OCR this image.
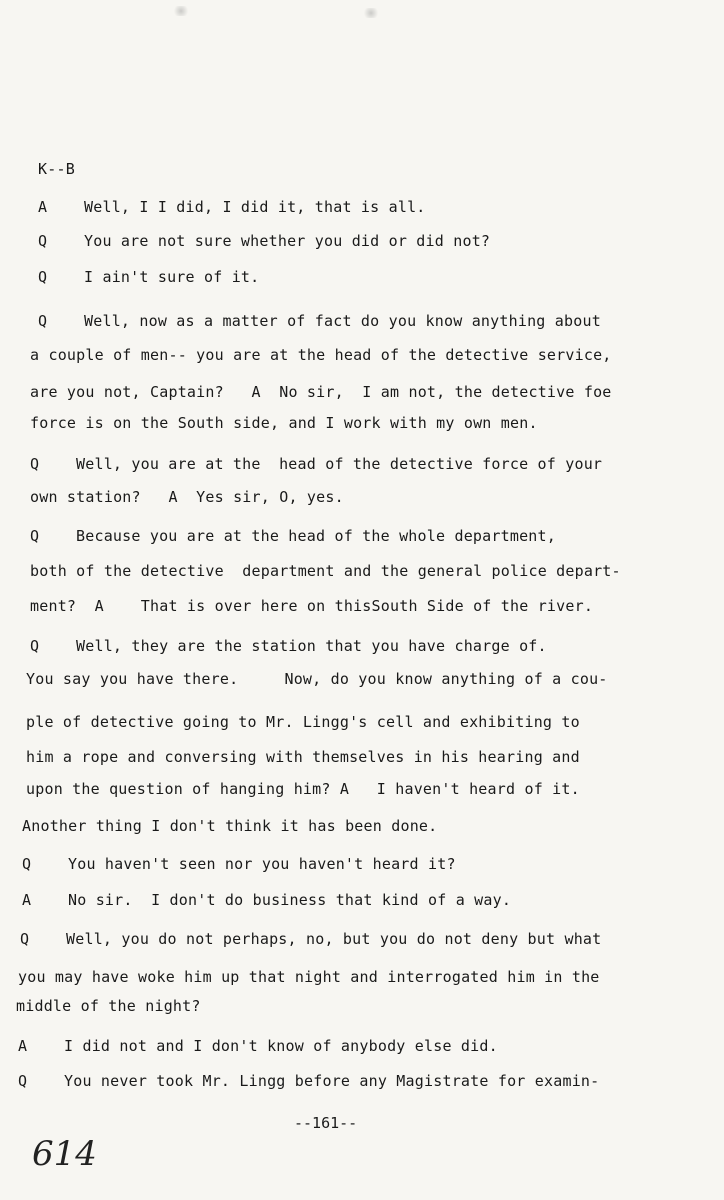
K--B
A Well, I I did, I did it, that is all.
Q You are not sure whether you did or did not?
Q I ain't sure of it.
Q Well, now as a matter of fact do you know anything about
a couple of men-- you are at the head of the detective service,
are you not, Captain?   A  No sir,  I am not, the detective foe
force is on the South side, and I work with my own men.
Q Well, you are at the  head of the detective force of your
own station?   A  Yes sir, O, yes.
Q Because you are at the head of the whole department,
both of the detective  department and the general police depart-
ment?  A    That is over here on thisSouth Side of the river.
Q Well, they are the station that you have charge of.
You say you have there.     Now, do you know anything of a cou-
ple of detective going to Mr. Lingg's cell and exhibiting to
him a rope and conversing with themselves in his hearing and
upon the question of hanging him? A   I haven't heard of it.
Another thing I don't think it has been done.
Q You haven't seen nor you haven't heard it?
A No sir.  I don't do business that kind of a way.
Q Well, you do not perhaps, no, but you do not deny but what
you may have woke him up that night and interrogated him in the
middle of the night?
A I did not and I don't know of anybody else did.
Q You never took Mr. Lingg before any Magistrate for examin-
--161--
614
